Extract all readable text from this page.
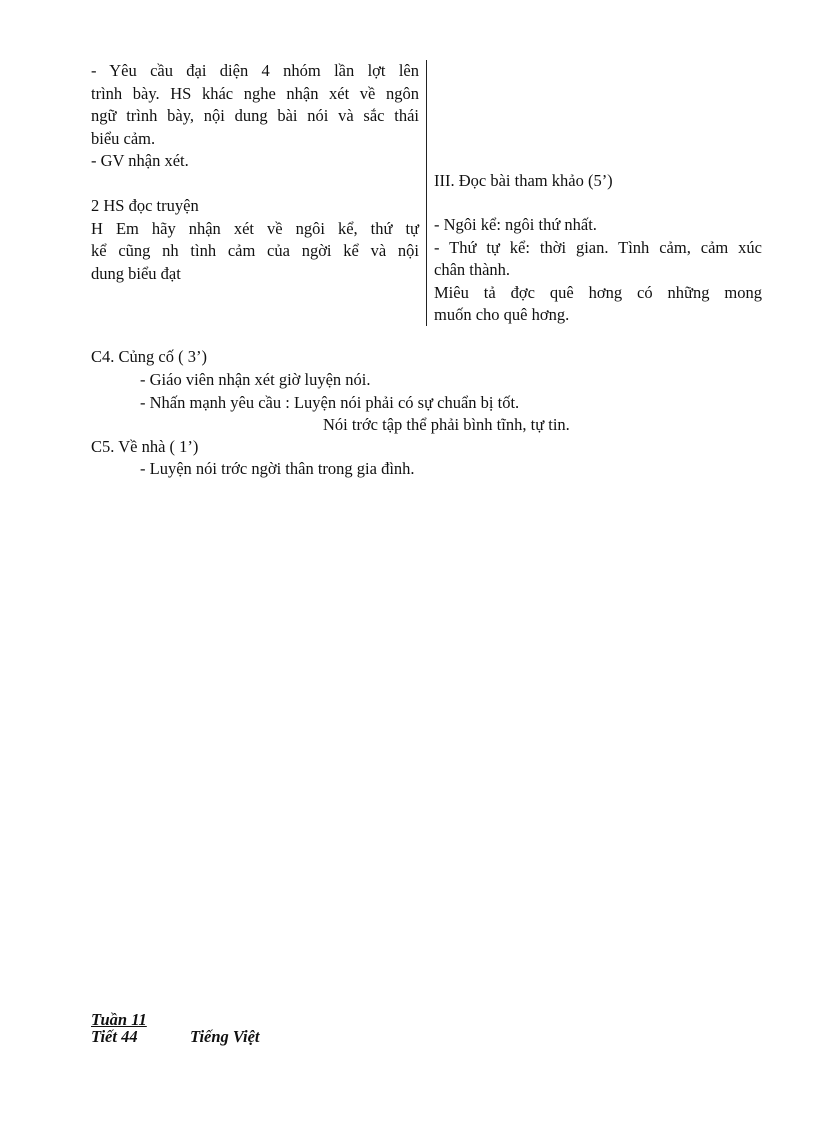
- Yêu cầu đại diện 4 nhóm lần lợt lên
trình bày. HS khác nghe nhận xét về ngôn
ngữ trình bày, nội dung bài nói và sắc thái
biểu cảm.
- GV nhận xét.
2 HS đọc truyện
H Em hãy nhận xét về ngôi kể, thứ tự
kể cũng nh tình cảm của ngời kể và nội
dung biểu đạt
III. Đọc bài tham khảo (5’)
- Ngôi kể: ngôi thứ nhất.
- Thứ tự kể: thời gian. Tình cảm, cảm xúc
chân thành.
Miêu tả đợc quê hơng có những mong
muốn cho quê hơng.
C4. Củng cố ( 3’)
- Giáo viên nhận xét giờ luyện nói.
- Nhấn mạnh yêu cầu : Luyện nói phải có sự chuẩn bị tốt.
Nói trớc tập thể phải bình tĩnh, tự tin.
C5. Về nhà ( 1’)
- Luyện nói trớc ngời thân trong gia đình.
Tuần 11
Tiết 44	Tiếng Việt
